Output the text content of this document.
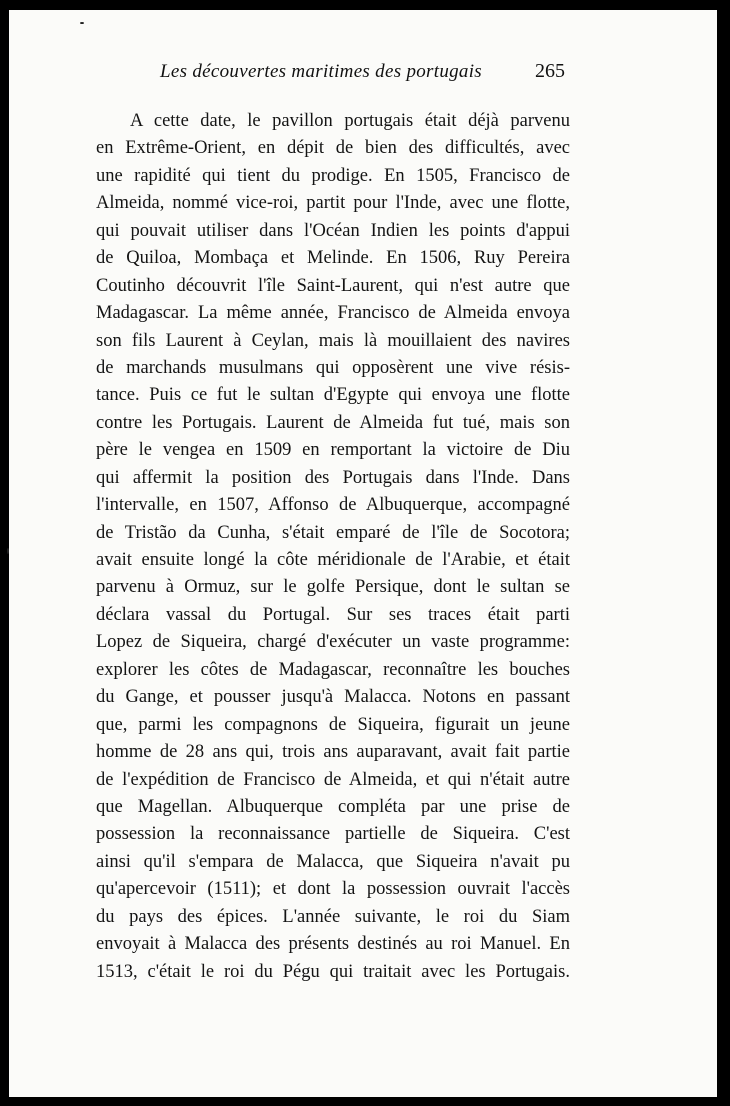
Les découvertes maritimes des portugais	265
A cette date, le pavillon portugais était déjà parvenu
en Extrême-Orient, en dépit de bien des difficultés, avec
une rapidité qui tient du prodige. En 1505, Francisco de
Almeida, nommé vice-roi, partit pour l'Inde, avec une flotte,
qui pouvait utiliser dans l'Océan Indien les points d'appui
de Quiloa, Mombaça et Melinde. En 1506, Ruy Pereira
Coutinho découvrit l'île Saint-Laurent, qui n'est autre que
Madagascar. La même année, Francisco de Almeida envoya
son fils Laurent à Ceylan, mais là mouillaient des navires
de marchands musulmans qui opposèrent une vive résis-
tance. Puis ce fut le sultan d'Egypte qui envoya une flotte
contre les Portugais. Laurent de Almeida fut tué, mais son
père le vengea en 1509 en remportant la victoire de Diu
qui affermit la position des Portugais dans l'Inde. Dans
l'intervalle, en 1507, Affonso de Albuquerque, accompagné
de Tristão da Cunha, s'était emparé de l'île de Socotora;
avait ensuite longé la côte méridionale de l'Arabie, et était
parvenu à Ormuz, sur le golfe Persique, dont le sultan se
déclara vassal du Portugal. Sur ses traces était parti
Lopez de Siqueira, chargé d'exécuter un vaste programme:
explorer les côtes de Madagascar, reconnaître les bouches
du Gange, et pousser jusqu'à Malacca. Notons en passant
que, parmi les compagnons de Siqueira, figurait un jeune
homme de 28 ans qui, trois ans auparavant, avait fait partie
de l'expédition de Francisco de Almeida, et qui n'était autre
que Magellan. Albuquerque compléta par une prise de
possession la reconnaissance partielle de Siqueira. C'est
ainsi qu'il s'empara de Malacca, que Siqueira n'avait pu
qu'apercevoir (1511); et dont la possession ouvrait l'accès
du pays des épices. L'année suivante, le roi du Siam
envoyait à Malacca des présents destinés au roi Manuel. En
1513, c'était le roi du Pégu qui traitait avec les Portugais.
